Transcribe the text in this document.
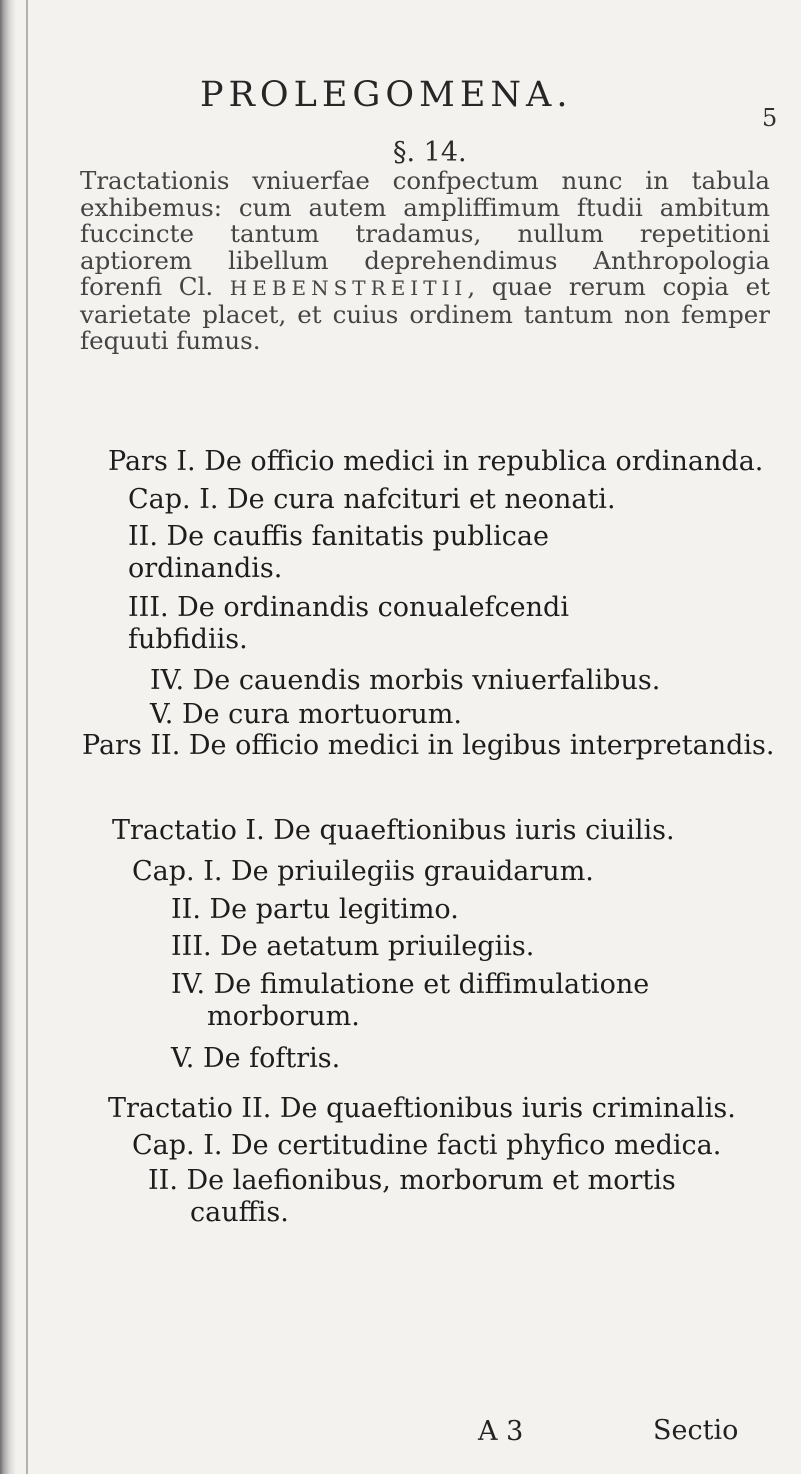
PROLEGOMENA.
5
§. 14.

Tractationis vniuerfae confpectum nunc in tabula exhibemus: cum autem ampliffimum ftudii ambitum fuccincte tantum tradamus, nullum repetitioni aptiorem libellum deprehendimus Anthropologia forenfi Cl. HEBENSTREITII, quae rerum copia et varietate placet, et cuius ordinem tantum non femper fequuti fumus.

Pars I. De officio medici in republica ordinanda.
Cap. I. De cura nafcituri et neonati.
II. De cauffis fanitatis publicae ordinandis.
III. De ordinandis conualefcendi fubfidiis.
IV. De cauendis morbis vniuerfalibus.
V. De cura mortuorum.
Pars II. De officio medici in legibus interpretandis.
Tractatio I. De quaeftionibus iuris ciuilis.
Cap. I. De priuilegiis grauidarum.
II. De partu legitimo.
III. De aetatum priuilegiis.
IV. De fimulatione et diffimulatione morborum.
V. De foftris.
Tractatio II. De quaeftionibus iuris criminalis.
Cap. I. De certitudine facti phyfico medica.
II. De laefionibus, morborum et mortis cauffis.
A 3	Sectio
